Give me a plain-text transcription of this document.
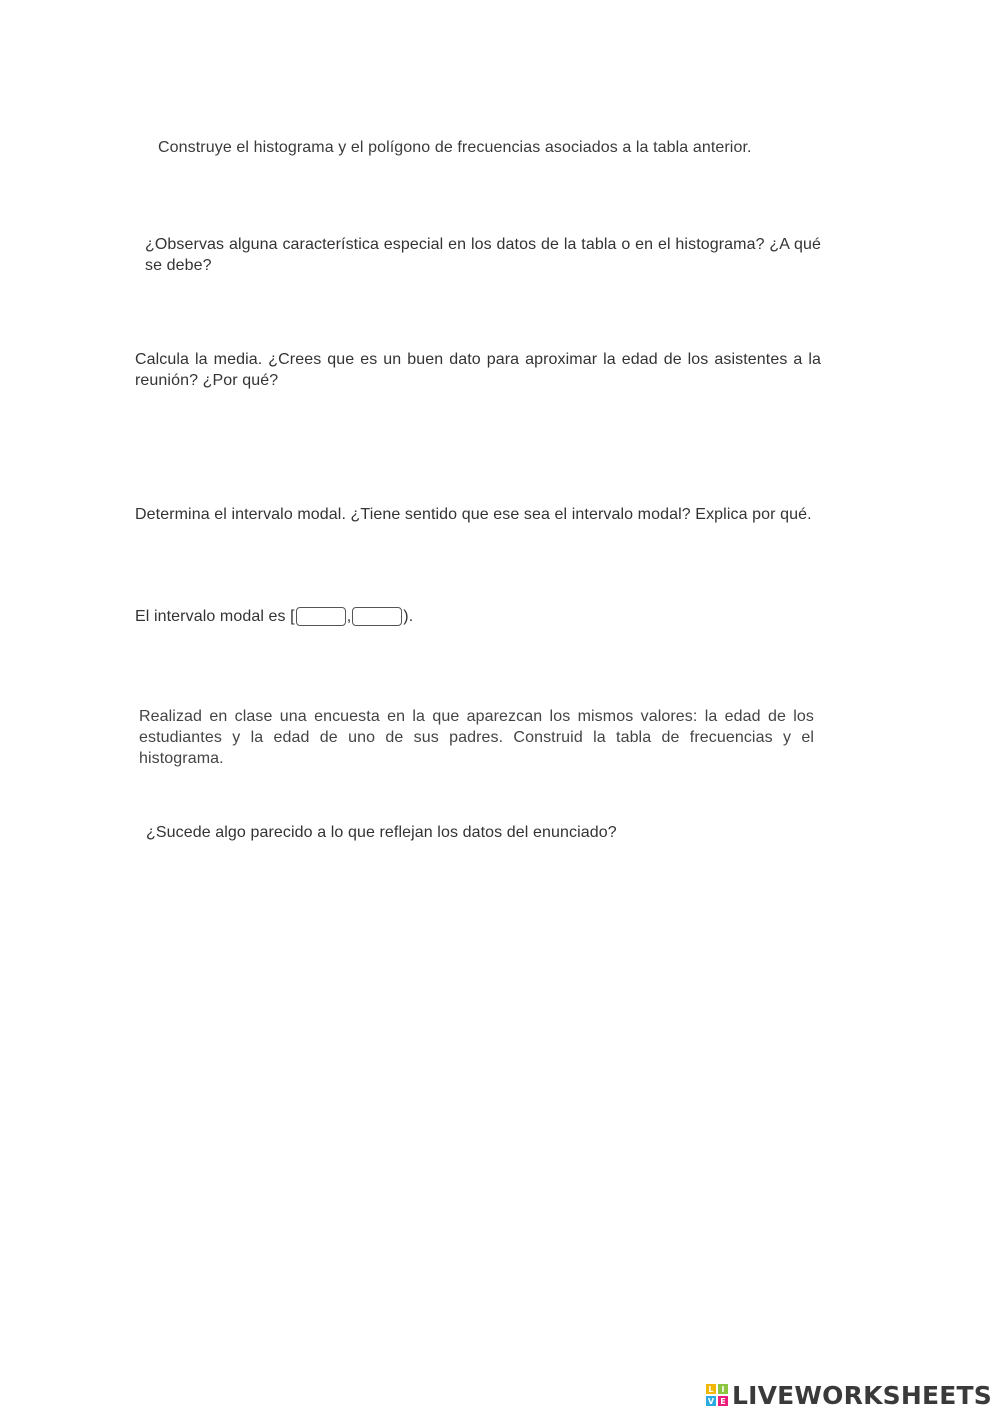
Construye el histograma y el polígono de frecuencias asociados a la tabla anterior.
¿Observas alguna característica especial en los datos de la tabla o en el histograma? ¿A qué se debe?
Calcula la media. ¿Crees que es un buen dato para aproximar la edad de los asistentes a la reunión? ¿Por qué?
Determina el intervalo modal. ¿Tiene sentido que ese sea el intervalo modal? Explica por qué.
El intervalo modal es [	,	).
Realizad en clase una encuesta en la que aparezcan los mismos valores: la edad de los estudiantes y la edad de uno de sus padres. Construid la tabla de frecuencias y el histograma.
¿Sucede algo parecido a lo que reflejan los datos del enunciado?
L I
V E LIVEWORKSHEETS
